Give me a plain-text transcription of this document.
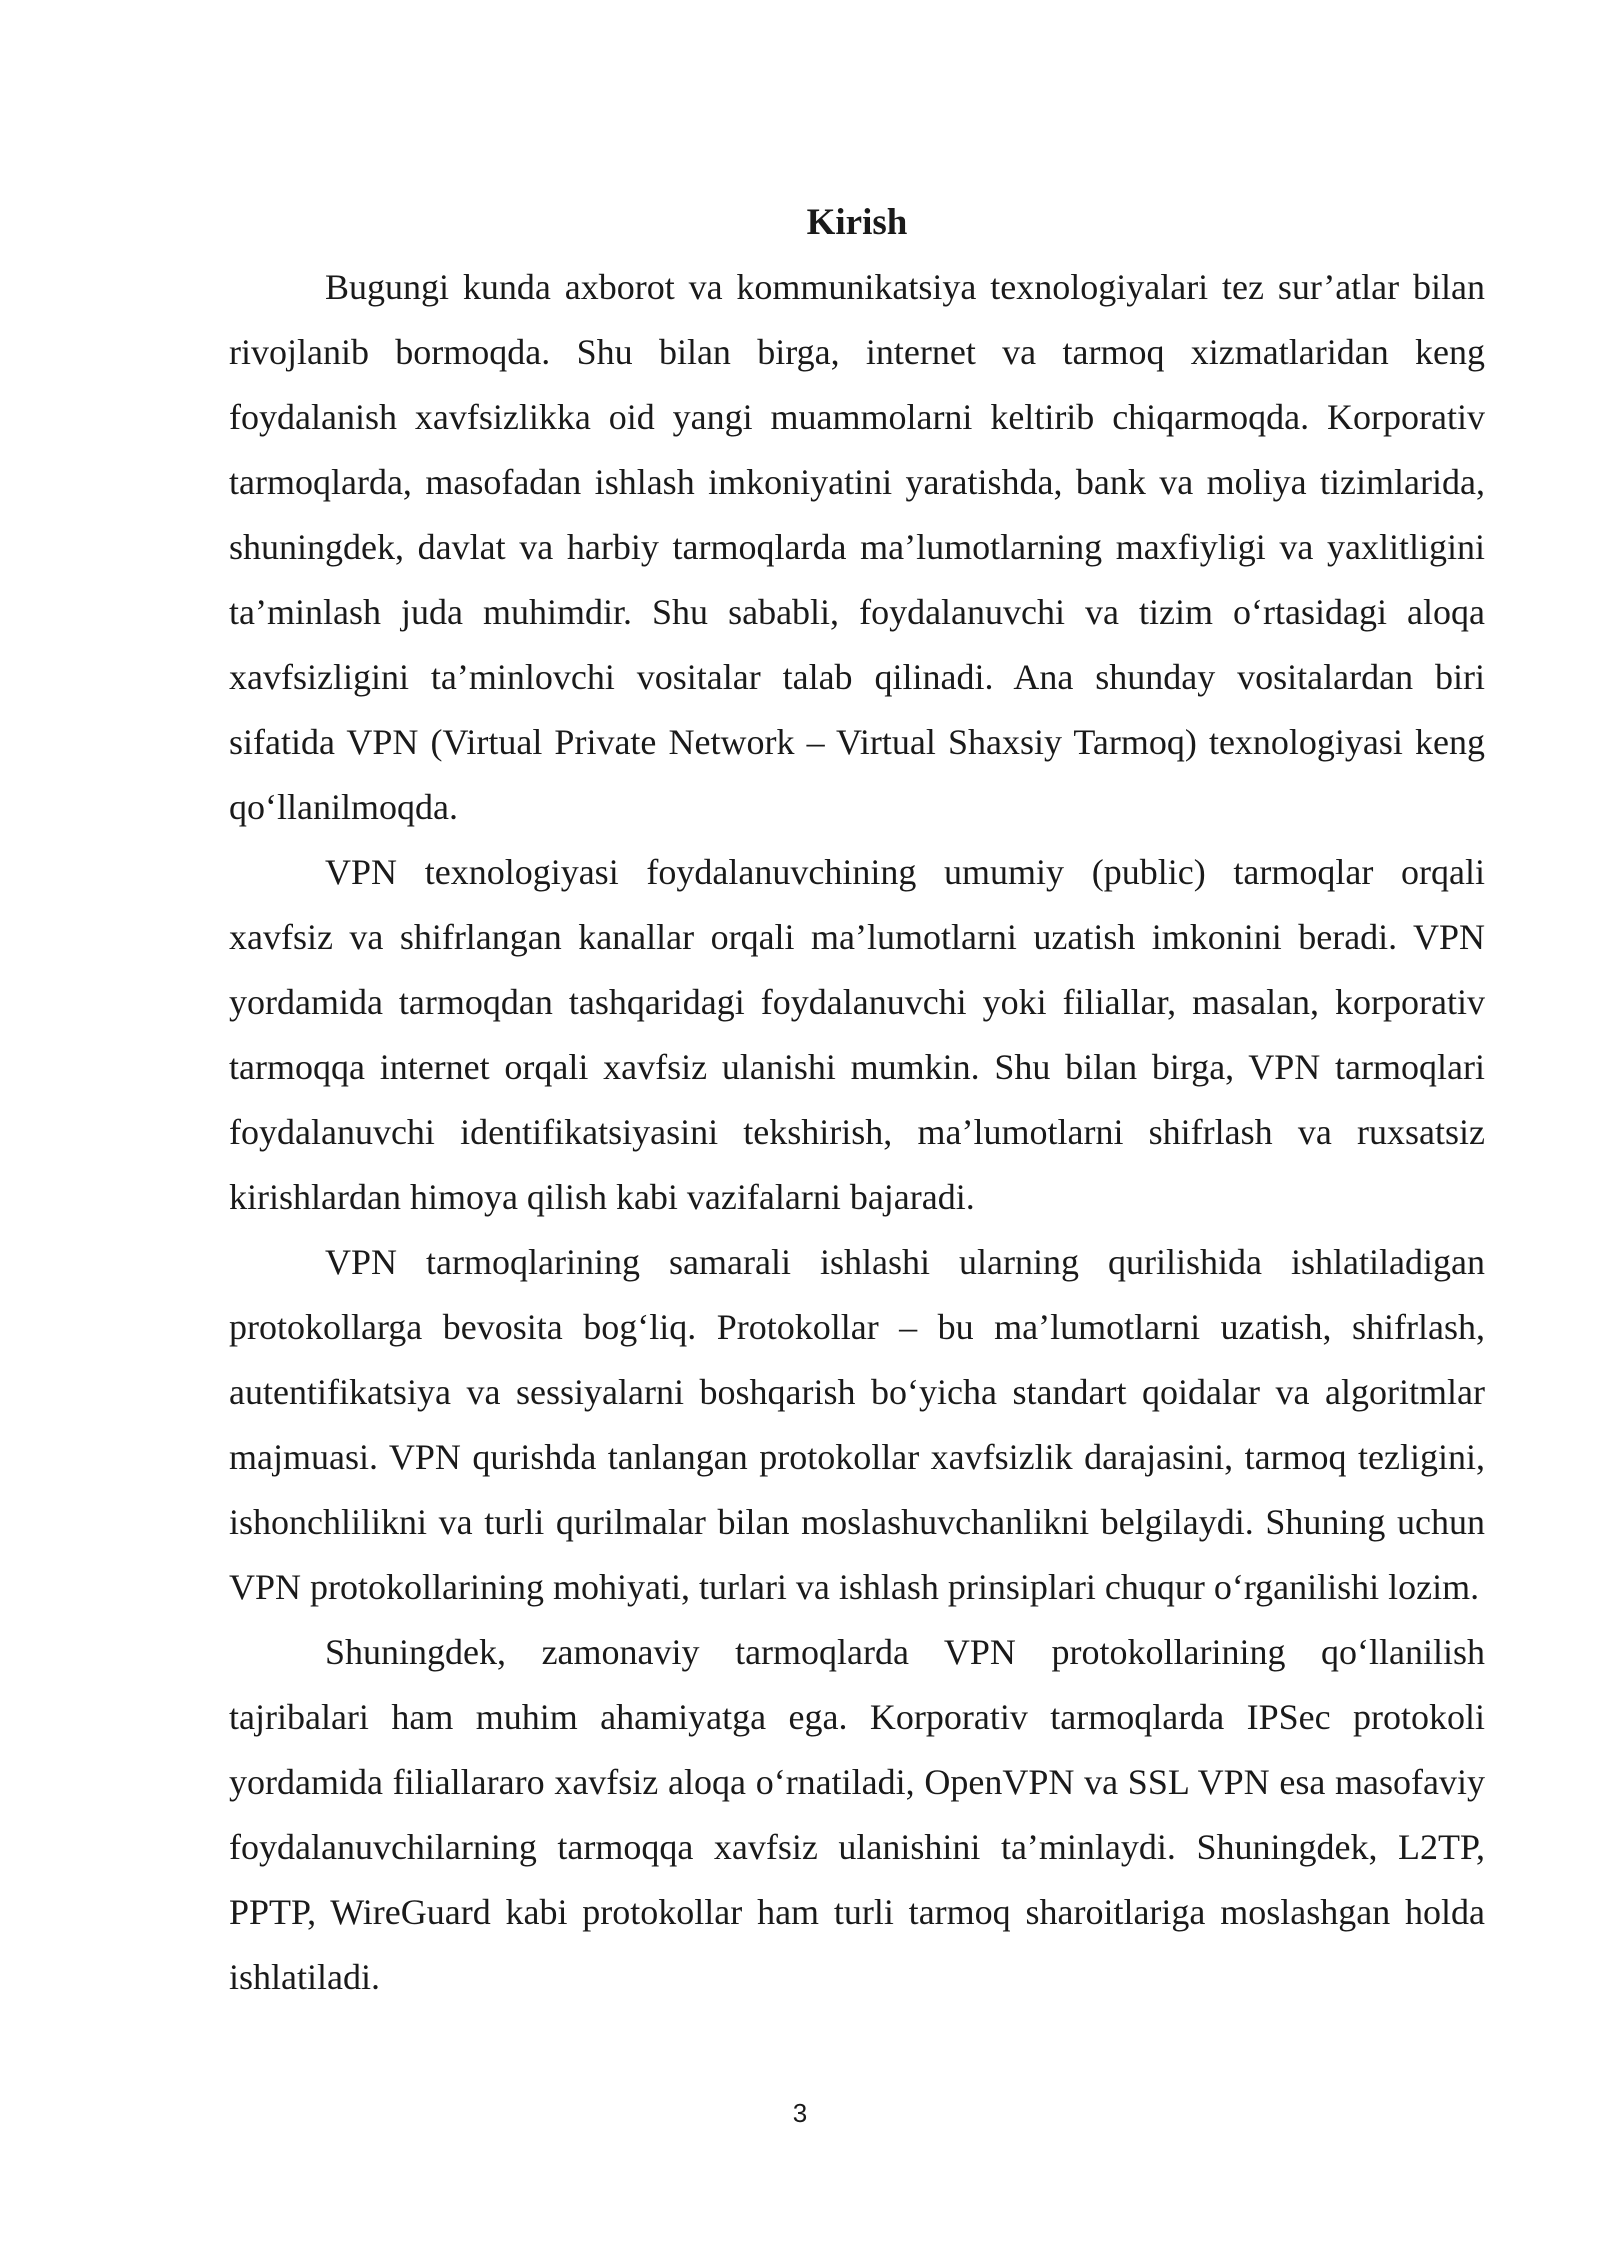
Kirish

Bugungi kunda axborot va kommunikatsiya texnologiyalari tez sur’atlar bilan rivojlanib bormoqda. Shu bilan birga, internet va tarmoq xizmatlaridan keng foydalanish xavfsizlikka oid yangi muammolarni keltirib chiqarmoqda. Korporativ tarmoqlarda, masofadan ishlash imkoniyatini yaratishda, bank va moliya tizimlarida, shuningdek, davlat va harbiy tarmoqlarda ma’lumotlarning maxfiyligi va yaxlitligini ta’minlash juda muhimdir. Shu sababli, foydalanuvchi va tizim o‘rtasidagi aloqa xavfsizligini ta’minlovchi vositalar talab qilinadi. Ana shunday vositalardan biri sifatida VPN (Virtual Private Network – Virtual Shaxsiy Tarmoq) texnologiyasi keng qo‘llanilmoqda.

VPN texnologiyasi foydalanuvchining umumiy (public) tarmoqlar orqali xavfsiz va shifrlangan kanallar orqali ma’lumotlarni uzatish imkonini beradi. VPN yordamida tarmoqdan tashqaridagi foydalanuvchi yoki filiallar, masalan, korporativ tarmoqqa internet orqali xavfsiz ulanishi mumkin. Shu bilan birga, VPN tarmoqlari foydalanuvchi identifikatsiyasini tekshirish, ma’lumotlarni shifrlash va ruxsatsiz kirishlardan himoya qilish kabi vazifalarni bajaradi.

VPN tarmoqlarining samarali ishlashi ularning qurilishida ishlatiladigan protokollarga bevosita bog‘liq. Protokollar – bu ma’lumotlarni uzatish, shifrlash, autentifikatsiya va sessiyalarni boshqarish bo‘yicha standart qoidalar va algoritmlar majmuasi. VPN qurishda tanlangan protokollar xavfsizlik darajasini, tarmoq tezligini, ishonchlilikni va turli qurilmalar bilan moslashuvchanlikni belgilaydi. Shuning uchun VPN protokollarining mohiyati, turlari va ishlash prinsiplari chuqur o‘rganilishi lozim.

Shuningdek, zamonaviy tarmoqlarda VPN protokollarining qo‘llanilish tajribalari ham muhim ahamiyatga ega. Korporativ tarmoqlarda IPSec protokoli yordamida filiallararo xavfsiz aloqa o‘rnatiladi, OpenVPN va SSL VPN esa masofaviy foydalanuvchilarning tarmoqqa xavfsiz ulanishini ta’minlaydi. Shuningdek, L2TP, PPTP, WireGuard kabi protokollar ham turli tarmoq sharoitlariga moslashgan holda ishlatiladi.

3
